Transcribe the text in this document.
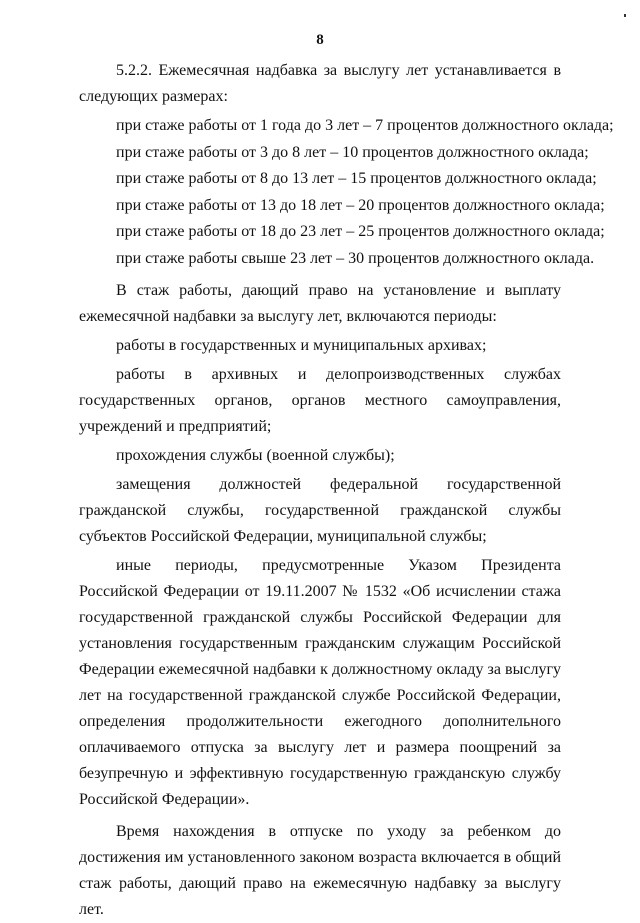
8

5.2.2. Ежемесячная надбавка за выслугу лет устанавливается в следующих размерах:

при стаже работы от 1 года до 3 лет – 7 процентов должностного оклада;

при стаже работы от 3 до 8 лет – 10 процентов должностного оклада;

при стаже работы от 8 до 13 лет – 15 процентов должностного оклада;

при стаже работы от 13 до 18 лет – 20 процентов должностного оклада;

при стаже работы от 18 до 23 лет – 25 процентов должностного оклада;

при стаже работы свыше 23 лет – 30 процентов должностного оклада.

В стаж работы, дающий право на установление и выплату ежемесячной надбавки за выслугу лет, включаются периоды:

работы в государственных и муниципальных архивах;

работы в архивных и делопроизводственных службах государственных органов, органов местного самоуправления, учреждений и предприятий;

прохождения службы (военной службы);

замещения должностей федеральной государственной гражданской службы, государственной гражданской службы субъектов Российской Федерации, муниципальной службы;

иные периоды, предусмотренные Указом Президента Российской Федерации от 19.11.2007 № 1532 «Об исчислении стажа государственной гражданской службы Российской Федерации для установления государственным гражданским служащим Российской Федерации ежемесячной надбавки к должностному окладу за выслугу лет на государственной гражданской службе Российской Федерации, определения продолжительности ежегодного дополнительного оплачиваемого отпуска за выслугу лет и размера поощрений за безупречную и эффективную государственную гражданскую службу Российской Федерации».

Время нахождения в отпуске по уходу за ребенком до достижения им установленного законом возраста включается в общий стаж работы, дающий право на ежемесячную надбавку за выслугу лет.
